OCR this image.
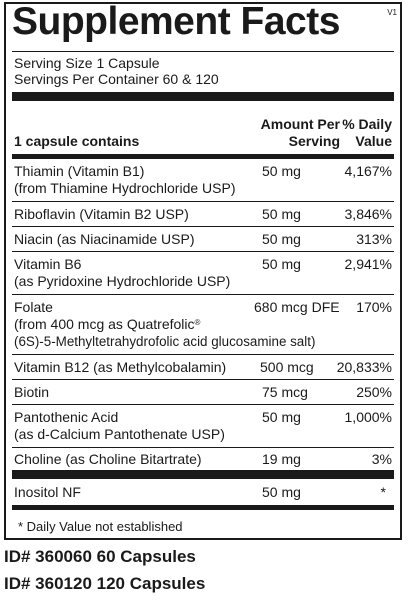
Supplement Facts	V1
Serving Size 1 Capsule
Servings Per Container 60 & 120
1 capsule contains
Amount Per
Serving
% Daily
Value
Thiamin (Vitamin B1)
(from Thiamine Hydrochloride USP)
50 mg	4,167%
Riboflavin (Vitamin B2 USP)	50 mg	3,846%
Niacin (as Niacinamide USP)	50 mg	313%
Vitamin B6
(as Pyridoxine Hydrochloride USP)
50 mg	2,941%
Folate
(from 400 mcg as Quatrefolic®
(6S)-5-Methyltetrahydrofolic acid glucosamine salt)
680 mcg DFE 170%
Vitamin B12 (as Methylcobalamin) 500 mcg 20,833%
Biotin	75 mcg	250%
Pantothenic Acid
(as d-Calcium Pantothenate USP)
50 mg	1,000%
Choline (as Choline Bitartrate)	19 mg	3%
Inositol NF	50 mg	*
* Daily Value not established
ID# 360060 60 Capsules
ID# 360120 120 Capsules
